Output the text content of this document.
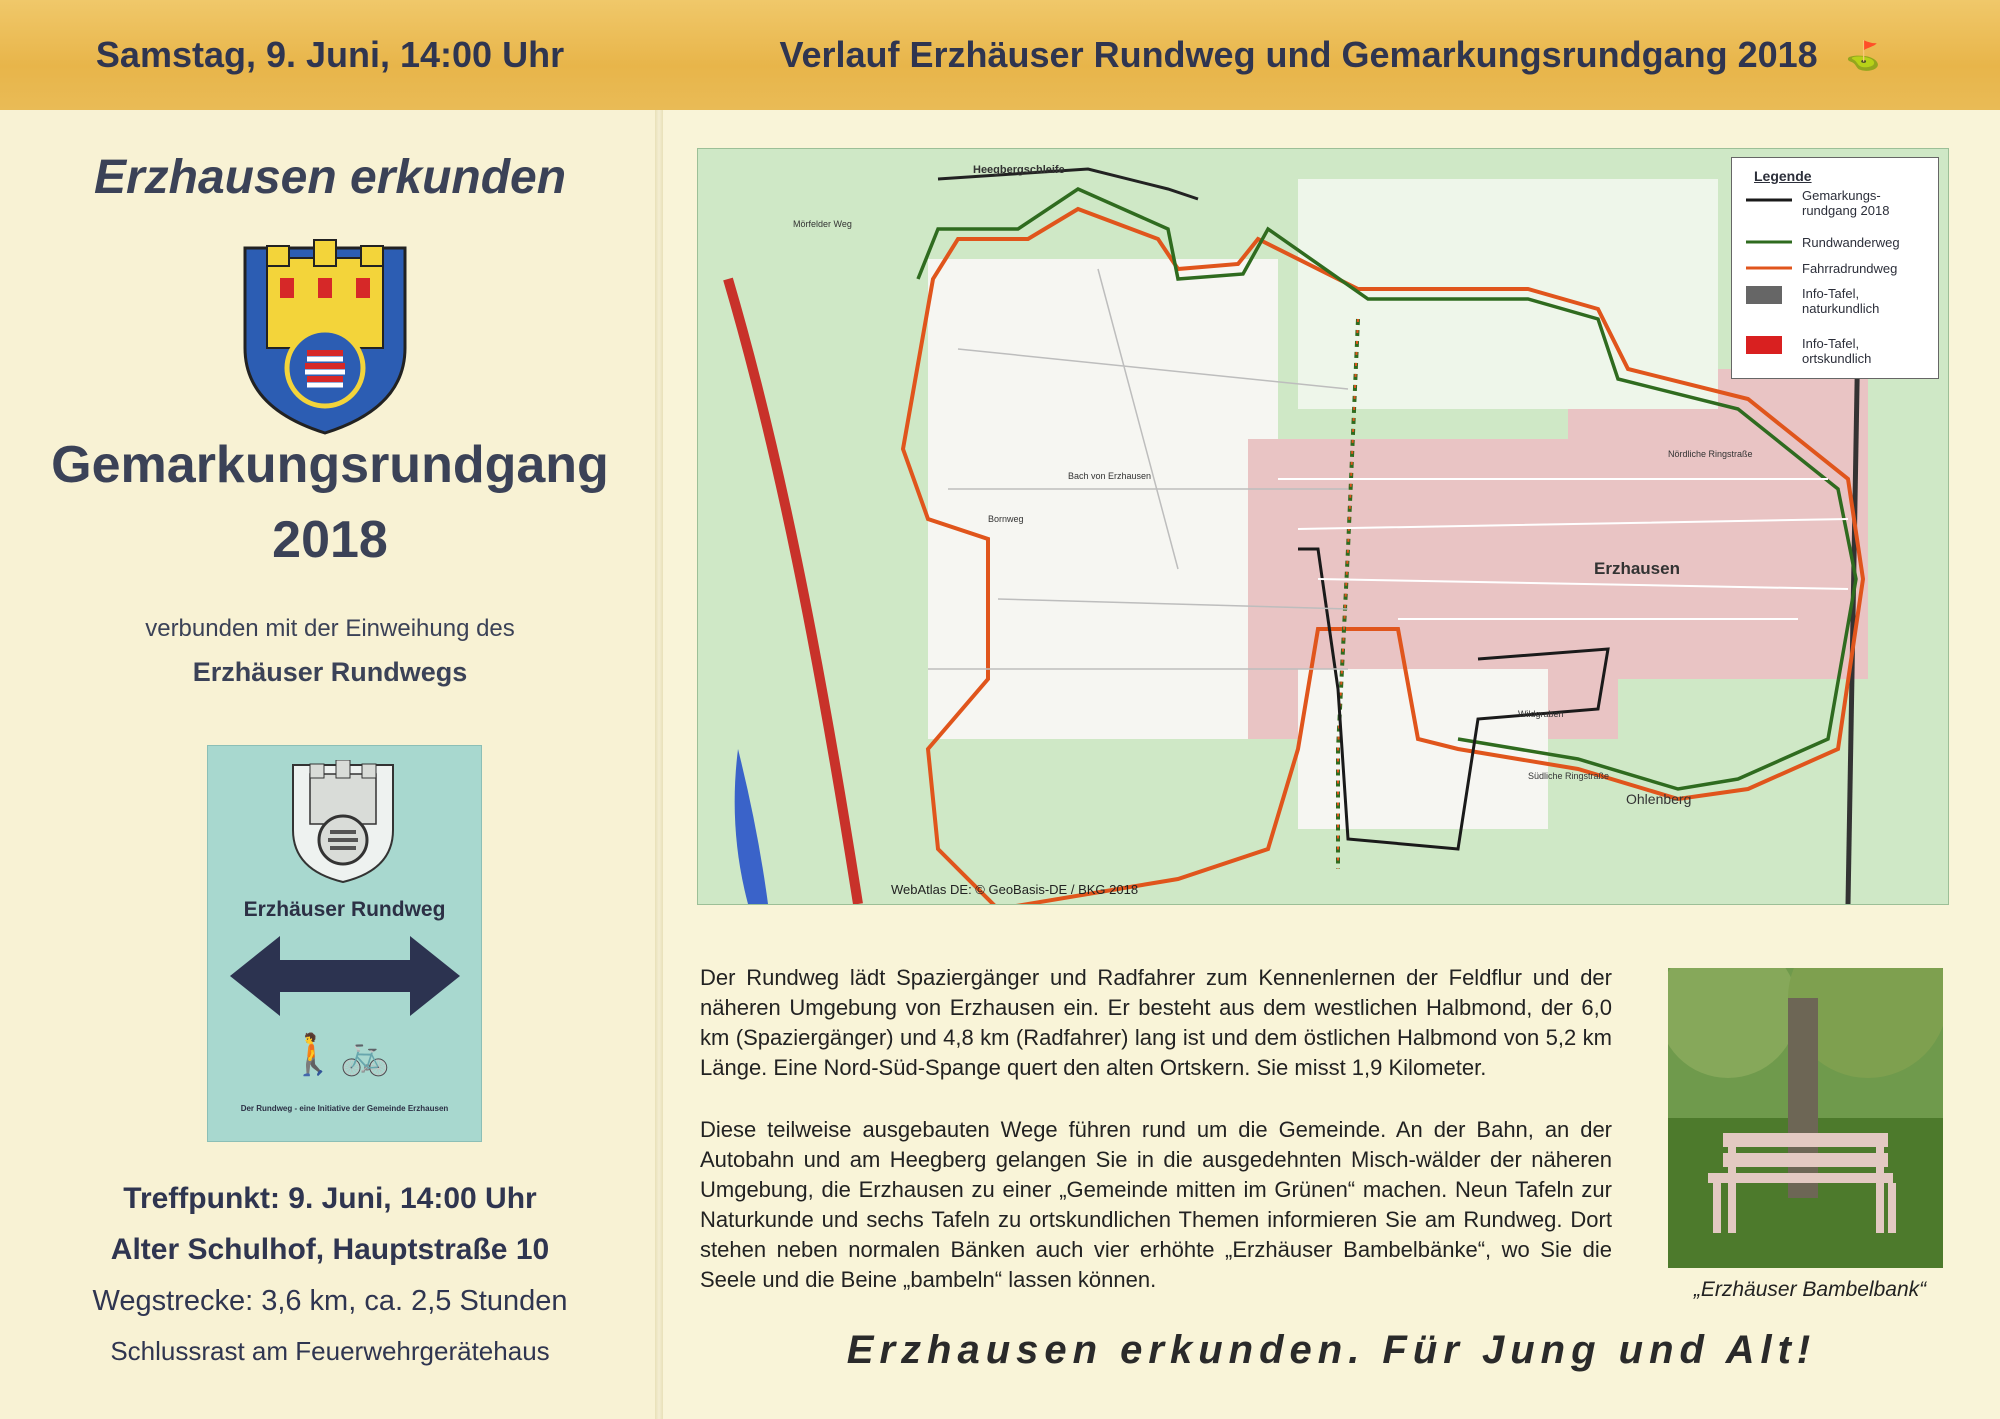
Samstag, 9. Juni, 14:00 Uhr	Verlauf Erzhäuser Rundweg und Gemarkungsrundgang 2018 ⛳
Erzhausen erkunden
Gemarkungsrundgang
2018
verbunden mit der Einweihung des
Erzhäuser Rundwegs
Erzhäuser Rundweg
🚶 🚲
Der Rundweg - eine Initiative der Gemeinde Erzhausen
Treffpunkt: 9. Juni, 14:00 Uhr
Alter Schulhof, Hauptstraße 10
Wegstrecke: 3,6 km, ca. 2,5 Stunden
Schlussrast am Feuerwehrgerätehaus
Heegbergschleife
Mörfelder Weg
Bornweg
Bach von Erzhausen
Wildgraben
Südliche Ringstraße
Nördliche Ringstraße
Erzhausen
Ohlenberg
Legende
Gemarkungs-rundgang 2018
Rundwanderweg
Fahrradrundweg
Info-Tafel, naturkundlich
Info-Tafel, ortskundlich
WebAtlas DE: © GeoBasis-DE / BKG 2018
Der Rundweg lädt Spaziergänger und Radfahrer zum Kennenlernen der Feldflur und der näheren Umgebung von Erzhausen ein. Er besteht aus dem westlichen Halbmond, der 6,0 km (Spaziergänger) und 4,8 km (Radfahrer) lang ist und dem östlichen Halbmond von 5,2 km Länge. Eine Nord-Süd-Spange quert den alten Ortskern. Sie misst 1,9 Kilometer.
Diese teilweise ausgebauten Wege führen rund um die Gemeinde. An der Bahn, an der Autobahn und am Heegberg gelangen Sie in die ausgedehnten Misch-wälder der näheren Umgebung, die Erzhausen zu einer „Gemeinde mitten im Grünen“ machen. Neun Tafeln zur Naturkunde und sechs Tafeln zu ortskundlichen Themen informieren Sie am Rundweg. Dort stehen neben normalen Bänken auch vier erhöhte „Erzhäuser Bambelbänke“, wo Sie die Seele und die Beine „bambeln“ lassen können.	„Erzhäuser Bambelbank“
Erzhausen erkunden. Für Jung und Alt!
